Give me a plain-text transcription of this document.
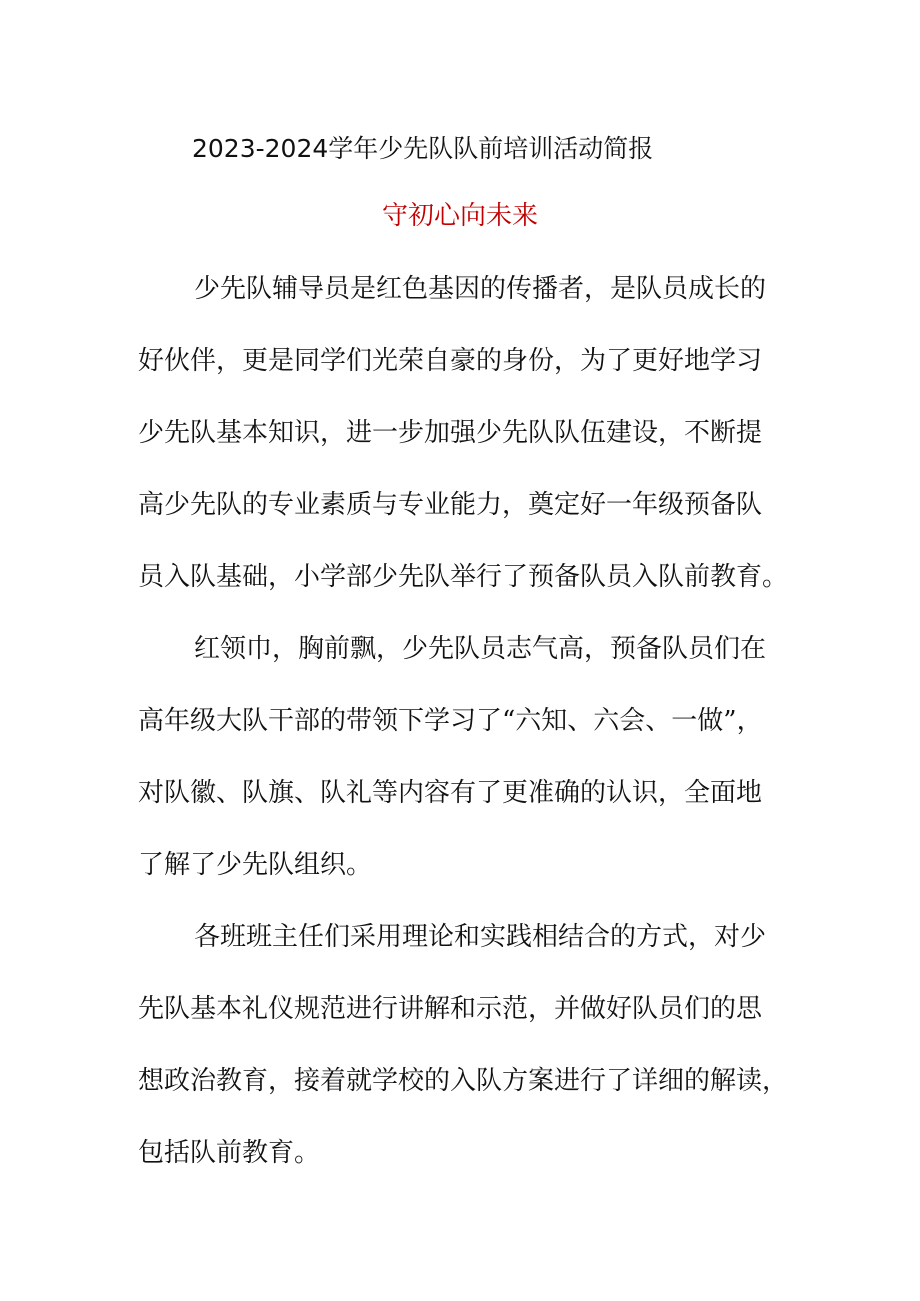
2023-2024学年少先队队前培训活动简报
守初心向未来
少先队辅导员是红色基因的传播者，是队员成长的
好伙伴，更是同学们光荣自豪的身份，为了更好地学习
少先队基本知识，进一步加强少先队队伍建设，不断提
高少先队的专业素质与专业能力，奠定好一年级预备队
员入队基础，小学部少先队举行了预备队员入队前教育。
红领巾，胸前飘，少先队员志气高，预备队员们在
高年级大队干部的带领下学习了“六知、六会、一做”，
对队徽、队旗、队礼等内容有了更准确的认识，全面地
了解了少先队组织。
各班班主任们采用理论和实践相结合的方式，对少
先队基本礼仪规范进行讲解和示范，并做好队员们的思
想政治教育，接着就学校的入队方案进行了详细的解读，
包括队前教育。
